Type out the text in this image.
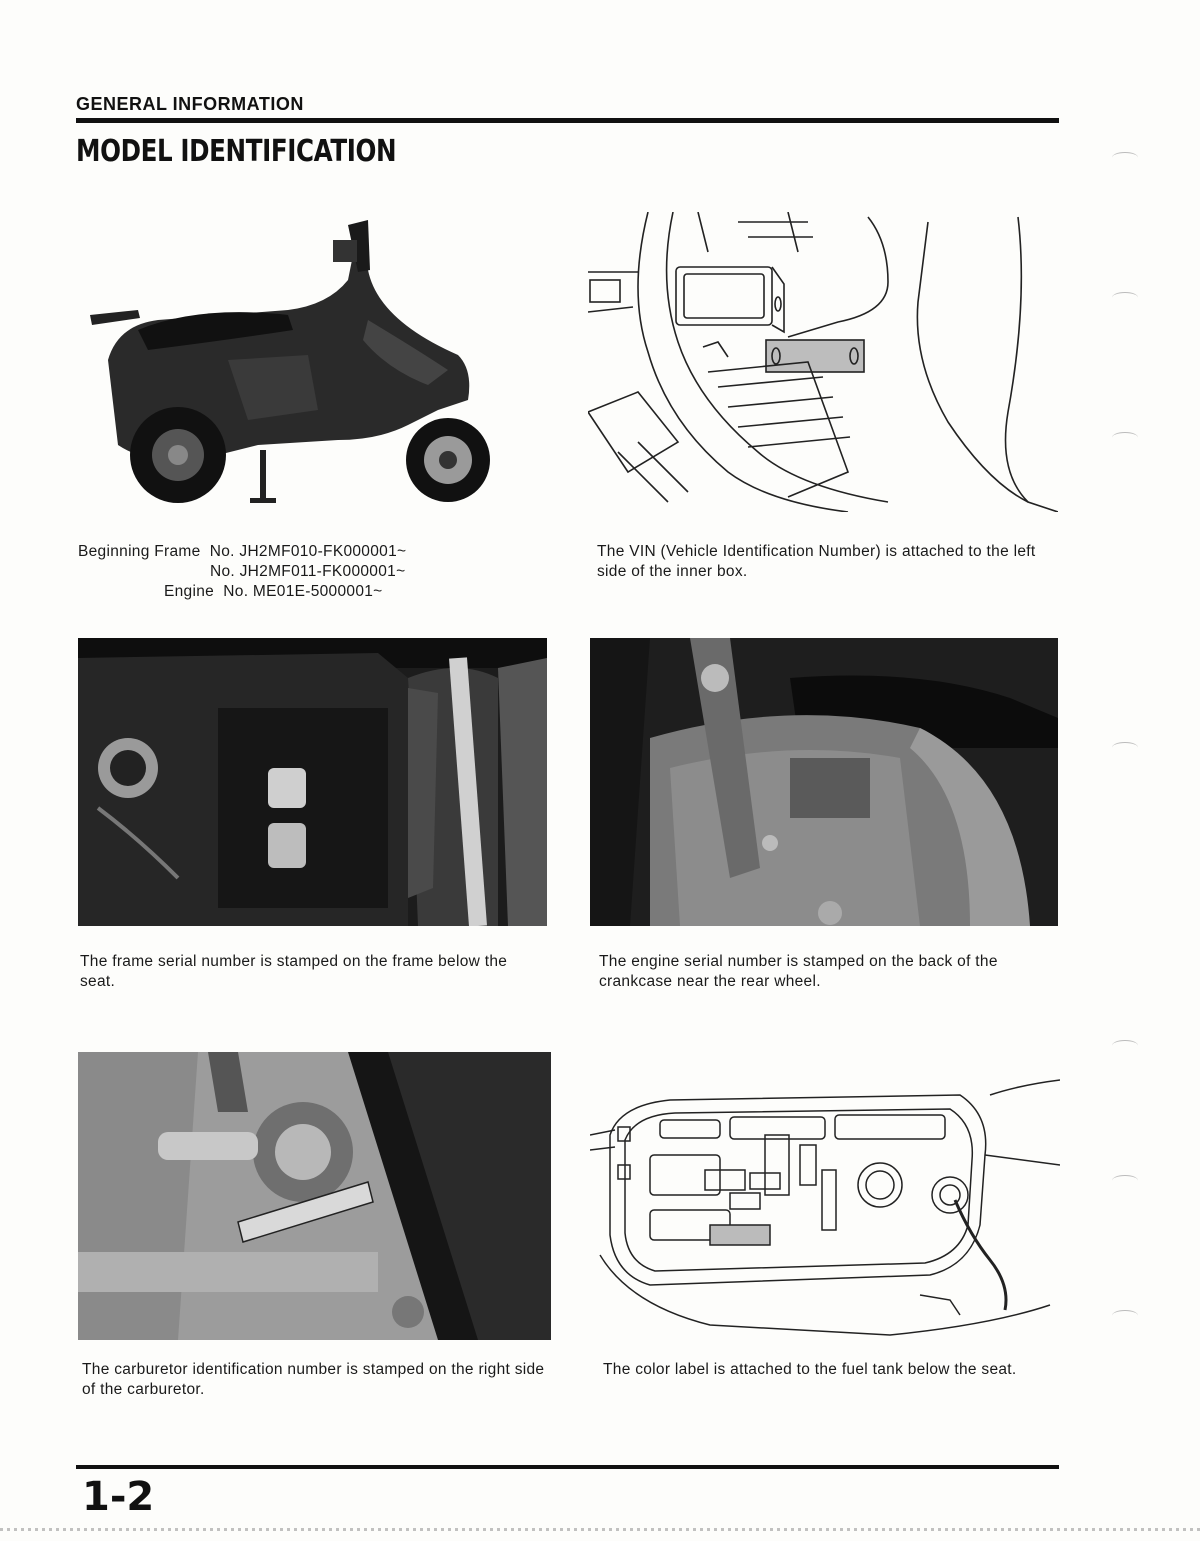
GENERAL INFORMATION
MODEL IDENTIFICATION
Beginning Frame No. JH2MF010-FK000001~
No. JH2MF011-FK000001~
Engine No. ME01E-5000001~
The VIN (Vehicle Identification Number) is attached to the left side of the inner box.
The frame serial number is stamped on the frame below the seat.
The engine serial number is stamped on the back of the crankcase near the rear wheel.
The carburetor identification number is stamped on the right side of the carburetor.
The color label is attached to the fuel tank below the seat.
1-2
